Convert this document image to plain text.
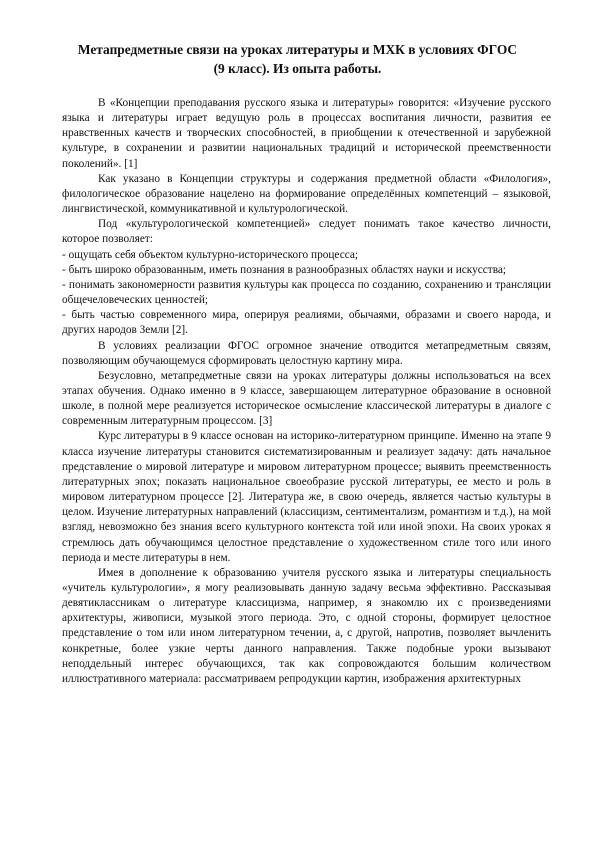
Метапредметные связи на уроках литературы и МХК в условиях ФГОС
(9 класс). Из опыта работы.

В «Концепции преподавания русского языка и литературы» говорится: «Изучение русского языка и литературы играет ведущую роль в процессах воспитания личности, развития ее нравственных качеств и творческих способностей, в приобщении к отечественной и зарубежной культуре, в сохранении и развитии национальных традиций и исторической преемственности поколений». [1]

Как указано в Концепции структуры и содержания предметной области «Филология», филологическое образование нацелено на формирование определённых компетенций – языковой, лингвистической, коммуникативной и культурологической.

Под «культурологической компетенцией» следует понимать такое качество личности, которое позволяет:

- ощущать себя объектом культурно-исторического процесса;

- быть широко образованным, иметь познания в разнообразных областях науки и искусства;

- понимать закономерности развития культуры как процесса по созданию, сохранению и трансляции общечеловеческих ценностей;

- быть частью современного мира, оперируя реалиями, обычаями, образами и своего народа, и других народов Земли [2].

В условиях реализации ФГОС огромное значение отводится метапредметным связям, позволяющим обучающемуся сформировать целостную картину мира.

Безусловно, метапредметные связи на уроках литературы должны использоваться на всех этапах обучения. Однако именно в 9 классе, завершающем литературное образование в основной школе, в полной мере реализуется историческое осмысление классической литературы в диалоге с современным литературным процессом. [3]

Курс литературы в 9 классе основан на историко-литературном принципе. Именно на этапе 9 класса изучение литературы становится систематизированным и реализует задачу: дать начальное представление о мировой литературе и мировом литературном процессе; выявить преемственность литературных эпох; показать национальное своеобразие русской литературы, ее место и роль в мировом литературном процессе [2]. Литература же, в свою очередь, является частью культуры в целом. Изучение литературных направлений (классицизм, сентиментализм, романтизм и т.д.), на мой взгляд, невозможно без знания всего культурного контекста той или иной эпохи. На своих уроках я стремлюсь дать обучающимся целостное представление о художественном стиле того или иного периода и месте литературы в нем.

Имея в дополнение к образованию учителя русского языка и литературы специальность «учитель культурологии», я могу реализовывать данную задачу весьма эффективно. Рассказывая девятиклассникам о литературе классицизма, например, я знакомлю их с произведениями архитектуры, живописи, музыкой этого периода. Это, с одной стороны, формирует целостное представление о том или ином литературном течении, а, с другой, напротив, позволяет вычленить конкретные, более узкие черты данного направления. Также подобные уроки вызывают неподдельный интерес обучающихся, так как сопровождаются большим количеством иллюстративного материала: рассматриваем репродукции картин, изображения архитектурных
